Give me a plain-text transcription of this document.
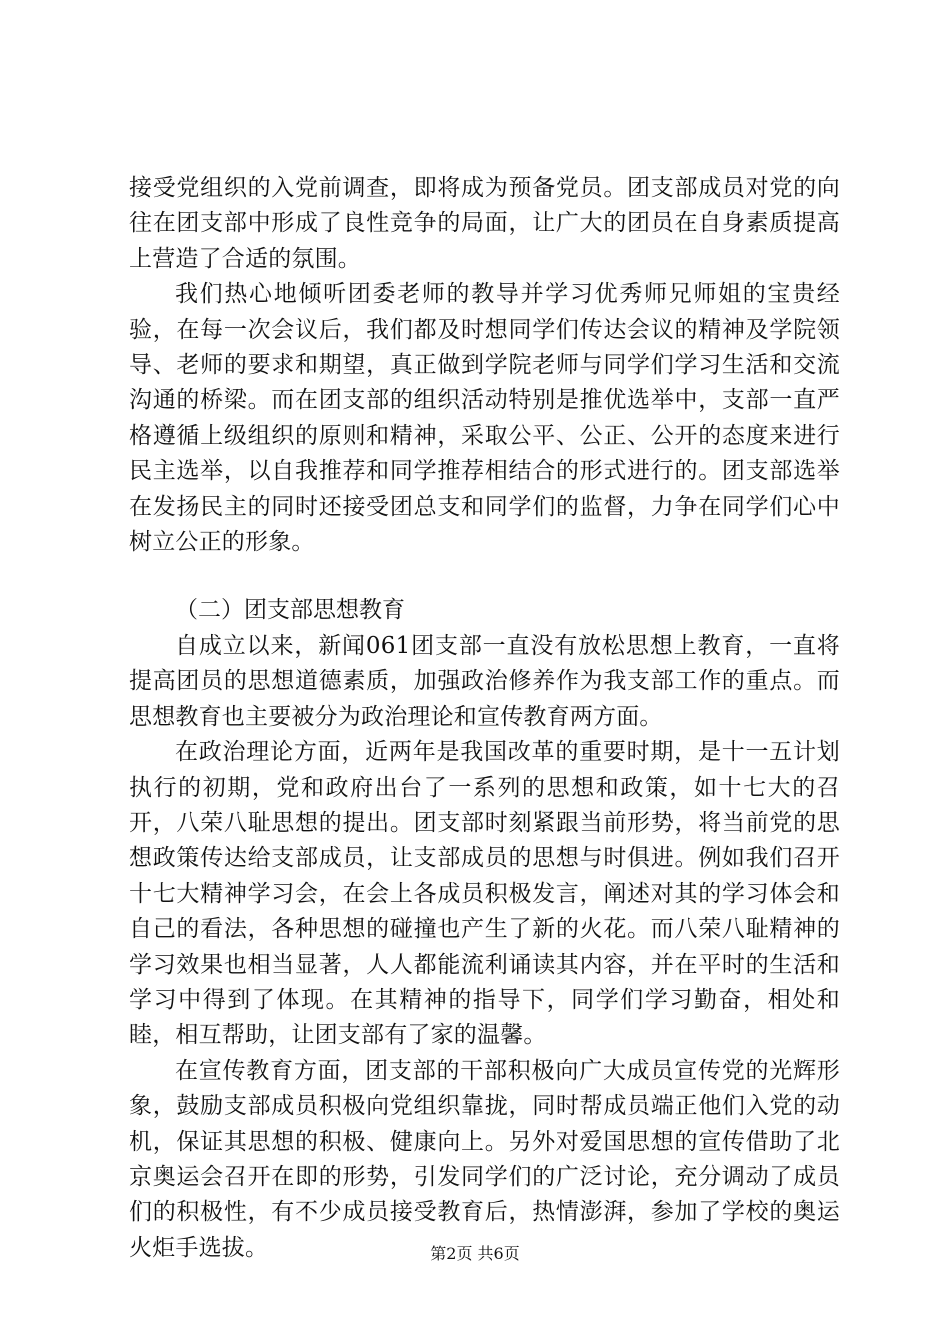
接受党组织的入党前调查，即将成为预备党员。团支部成员对党的向往在团支部中形成了良性竞争的局面，让广大的团员在自身素质提高上营造了合适的氛围。

我们热心地倾听团委老师的教导并学习优秀师兄师姐的宝贵经验，在每一次会议后，我们都及时想同学们传达会议的精神及学院领导、老师的要求和期望，真正做到学院老师与同学们学习生活和交流沟通的桥梁。而在团支部的组织活动特别是推优选举中，支部一直严格遵循上级组织的原则和精神，采取公平、公正、公开的态度来进行民主选举，以自我推荐和同学推荐相结合的形式进行的。团支部选举在发扬民主的同时还接受团总支和同学们的监督，力争在同学们心中树立公正的形象。

（二）团支部思想教育

自成立以来，新闻061团支部一直没有放松思想上教育，一直将提高团员的思想道德素质，加强政治修养作为我支部工作的重点。而思想教育也主要被分为政治理论和宣传教育两方面。

在政治理论方面，近两年是我国改革的重要时期，是十一五计划执行的初期，党和政府出台了一系列的思想和政策，如十七大的召开，八荣八耻思想的提出。团支部时刻紧跟当前形势，将当前党的思想政策传达给支部成员，让支部成员的思想与时俱进。例如我们召开十七大精神学习会，在会上各成员积极发言，阐述对其的学习体会和自己的看法，各种思想的碰撞也产生了新的火花。而八荣八耻精神的学习效果也相当显著，人人都能流利诵读其内容，并在平时的生活和学习中得到了体现。在其精神的指导下，同学们学习勤奋，相处和睦，相互帮助，让团支部有了家的温馨。

在宣传教育方面，团支部的干部积极向广大成员宣传党的光辉形象，鼓励支部成员积极向党组织靠拢，同时帮成员端正他们入党的动机，保证其思想的积极、健康向上。另外对爱国思想的宣传借助了北京奥运会召开在即的形势，引发同学们的广泛讨论，充分调动了成员们的积极性，有不少成员接受教育后，热情澎湃，参加了学校的奥运火炬手选拔。	第2页 共6页
